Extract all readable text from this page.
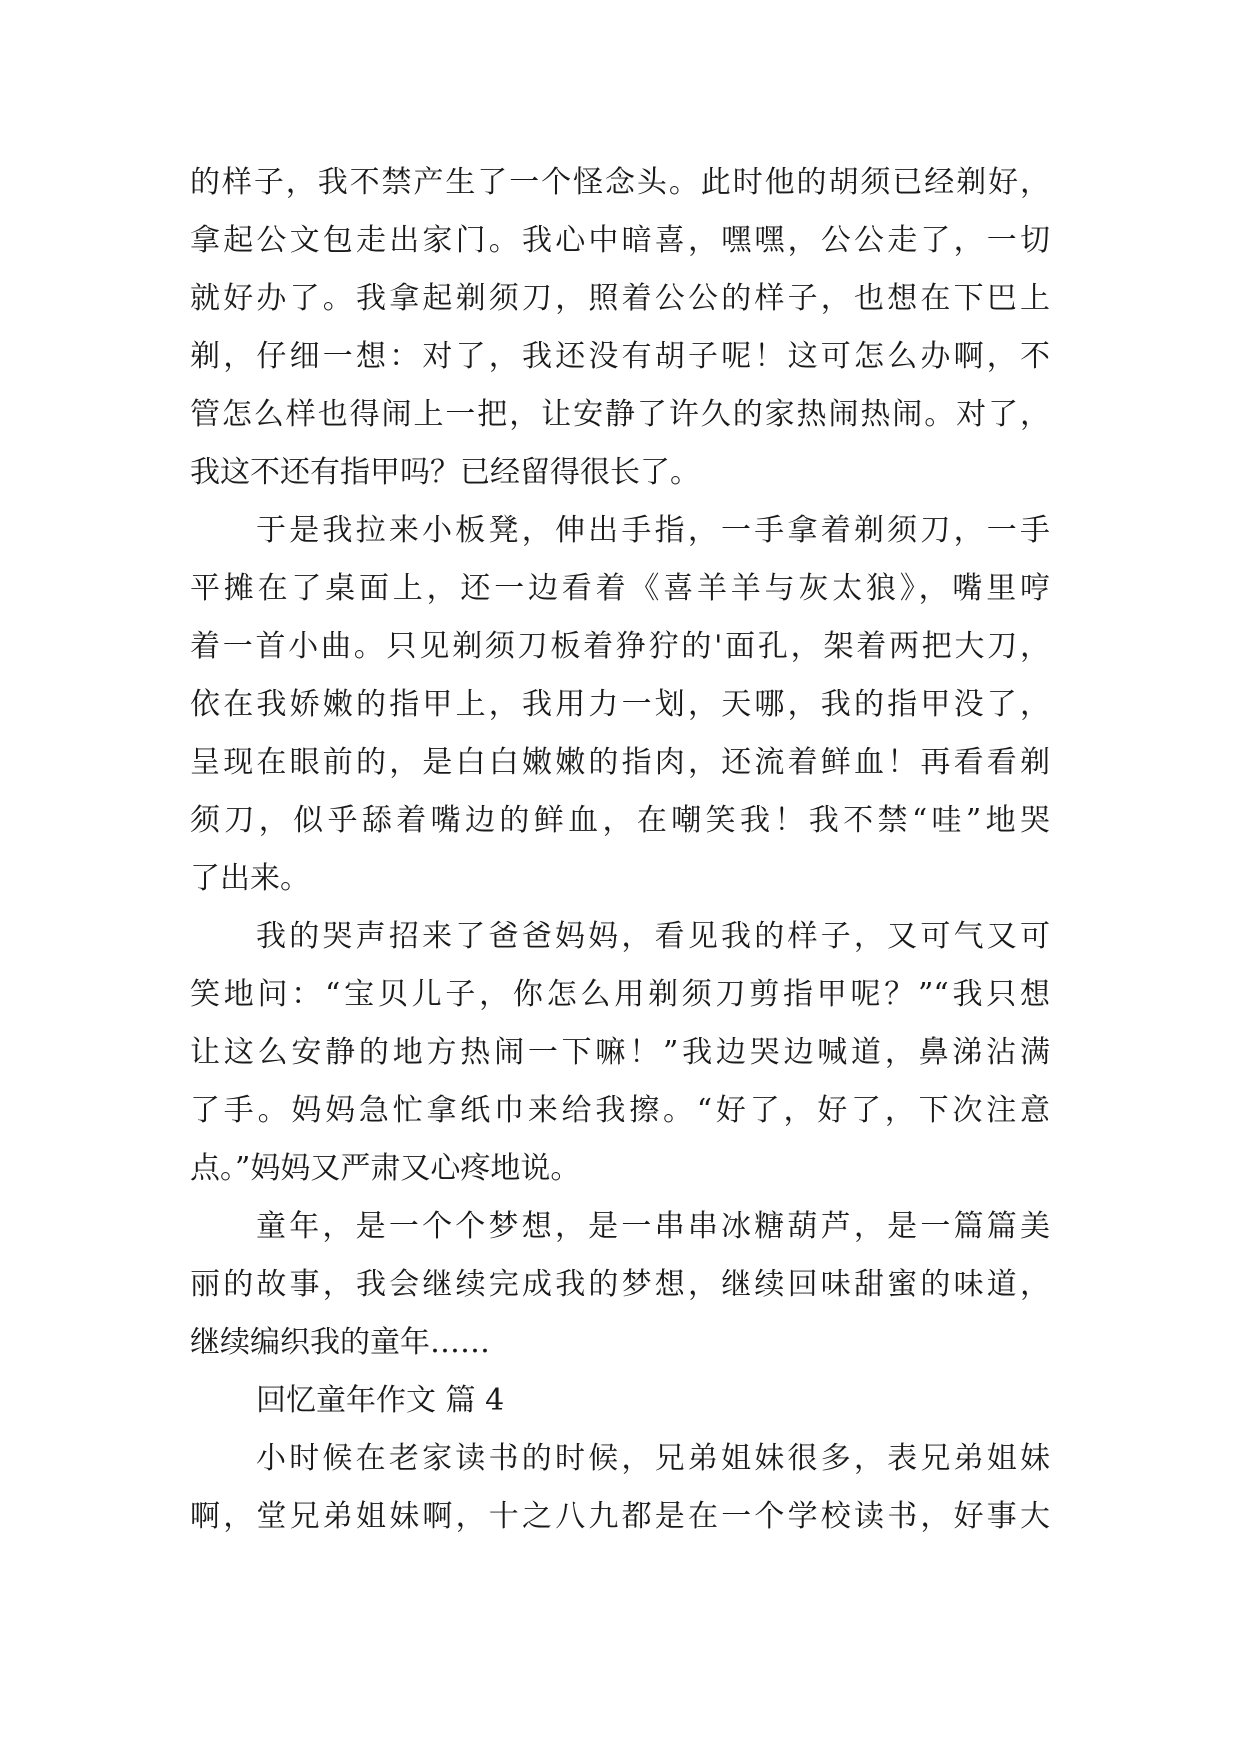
的样子，我不禁产生了一个怪念头。此时他的胡须已经剃好，
拿起公文包走出家门。我心中暗喜，嘿嘿，公公走了，一切
就好办了。我拿起剃须刀，照着公公的样子，也想在下巴上
剃，仔细一想：对了，我还没有胡子呢！这可怎么办啊，不
管怎么样也得闹上一把，让安静了许久的家热闹热闹。对了，
我这不还有指甲吗？已经留得很长了。
于是我拉来小板凳，伸出手指，一手拿着剃须刀，一手
平摊在了桌面上，还一边看着《喜羊羊与灰太狼》，嘴里哼
着一首小曲。只见剃须刀板着狰狞的'面孔，架着两把大刀，
依在我娇嫩的指甲上，我用力一划，天哪，我的指甲没了，
呈现在眼前的，是白白嫩嫩的指肉，还流着鲜血！再看看剃
须刀，似乎舔着嘴边的鲜血，在嘲笑我！我不禁“哇”地哭
了出来。
我的哭声招来了爸爸妈妈，看见我的样子，又可气又可
笑地问：“宝贝儿子，你怎么用剃须刀剪指甲呢？”“我只想
让这么安静的地方热闹一下嘛！”我边哭边喊道，鼻涕沾满
了手。妈妈急忙拿纸巾来给我擦。“好了，好了，下次注意
点。”妈妈又严肃又心疼地说。
童年，是一个个梦想，是一串串冰糖葫芦，是一篇篇美
丽的故事，我会继续完成我的梦想，继续回味甜蜜的味道，
继续编织我的童年……
回忆童年作文 篇 4
小时候在老家读书的时候，兄弟姐妹很多，表兄弟姐妹
啊，堂兄弟姐妹啊，十之八九都是在一个学校读书，好事大
